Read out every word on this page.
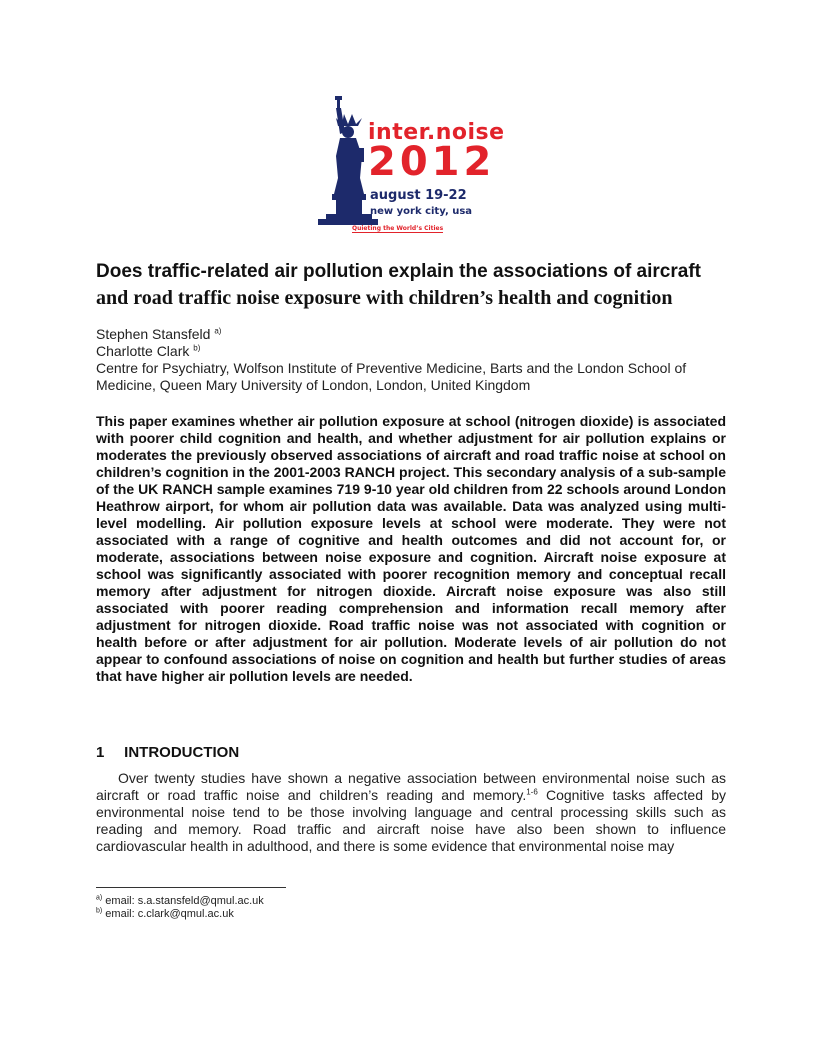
inter.noise
2012
august 19-22
new york city, usa
Quieting the World’s Cities
Does traffic-related air pollution explain the associations of aircraft
and road traffic noise exposure with children’s health and cognition
Stephen Stansfeld $^{a)}$
Charlotte Clark $^{b)}$
Centre for Psychiatry, Wolfson Institute of Preventive Medicine, Barts and the London School of Medicine, Queen Mary University of London, London, United Kingdom
This paper examines whether air pollution exposure at school (nitrogen dioxide) is associated with poorer child cognition and health, and whether adjustment for air pollution explains or moderates the previously observed associations of aircraft and road traffic noise at school on children’s cognition in the 2001-2003 RANCH project. This secondary analysis of a sub-sample of the UK RANCH sample examines 719 9-10 year old children from 22 schools around London Heathrow airport, for whom air pollution data was available. Data was analyzed using multi-level modelling. Air pollution exposure levels at school were moderate. They were not associated with a range of cognitive and health outcomes and did not account for, or moderate, associations between noise exposure and cognition. Aircraft noise exposure at school was significantly associated with poorer recognition memory and conceptual recall memory after adjustment for nitrogen dioxide. Aircraft noise exposure was also still associated with poorer reading comprehension and information recall memory after adjustment for nitrogen dioxide. Road traffic noise was not associated with cognition or health before or after adjustment for air pollution. Moderate levels of air pollution do not appear to confound associations of noise on cognition and health but further studies of areas that have higher air pollution levels are needed.
1 INTRODUCTION
Over twenty studies have shown a negative association between environmental noise such as aircraft or road traffic noise and children’s reading and memory.$^{1-6}$ Cognitive tasks affected by environmental noise tend to be those involving language and central processing skills such as reading and memory. Road traffic and aircraft noise have also been shown to influence cardiovascular health in adulthood, and there is some evidence that environmental noise may
$^{a)}$ email: s.a.stansfeld@qmul.ac.uk
$^{b)}$ email: c.clark@qmul.ac.uk
